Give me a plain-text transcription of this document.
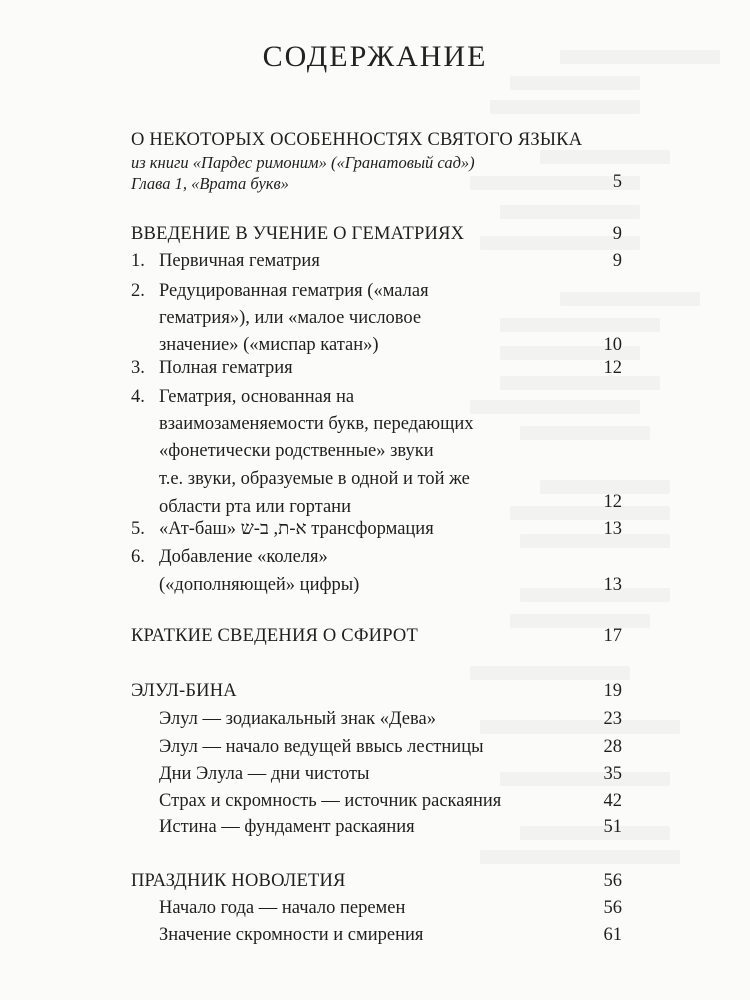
СОДЕРЖАНИЕ
О НЕКОТОРЫХ ОСОБЕННОСТЯХ СВЯТОГО ЯЗЫКА
из книги «Пардес римоним» («Гранатовый сад»)
Глава 1, «Врата букв»	5
ВВЕДЕНИЕ В УЧЕНИЕ О ГЕМАТРИЯХ	9
1. Первичная гематрия	9
2. Редуцированная гематрия («малая
гематрия»), или «малое числовое
значение» («миспар катан»)	10
3. Полная гематрия	12
4. Гематрия, основанная на
взаимозаменяемости букв, передающих
«фонетически родственные» звуки
т.е. звуки, образуемые в одной и той же
области рта или гортани	12
5. «Ат-баш» א-ת, ב-ש трансформация	13
6. Добавление «колеля»
(«дополняющей» цифры)	13
КРАТКИЕ СВЕДЕНИЯ О СФИРОТ	17
ЭЛУЛ-БИНА	19
Элул — зодиакальный знак «Дева»	23
Элул — начало ведущей ввысь лестницы	28
Дни Элула — дни чистоты	35
Страх и скромность — источник раскаяния	42
Истина — фундамент раскаяния	51
ПРАЗДНИК НОВОЛЕТИЯ	56
Начало года — начало перемен	56
Значение скромности и смирения	61
